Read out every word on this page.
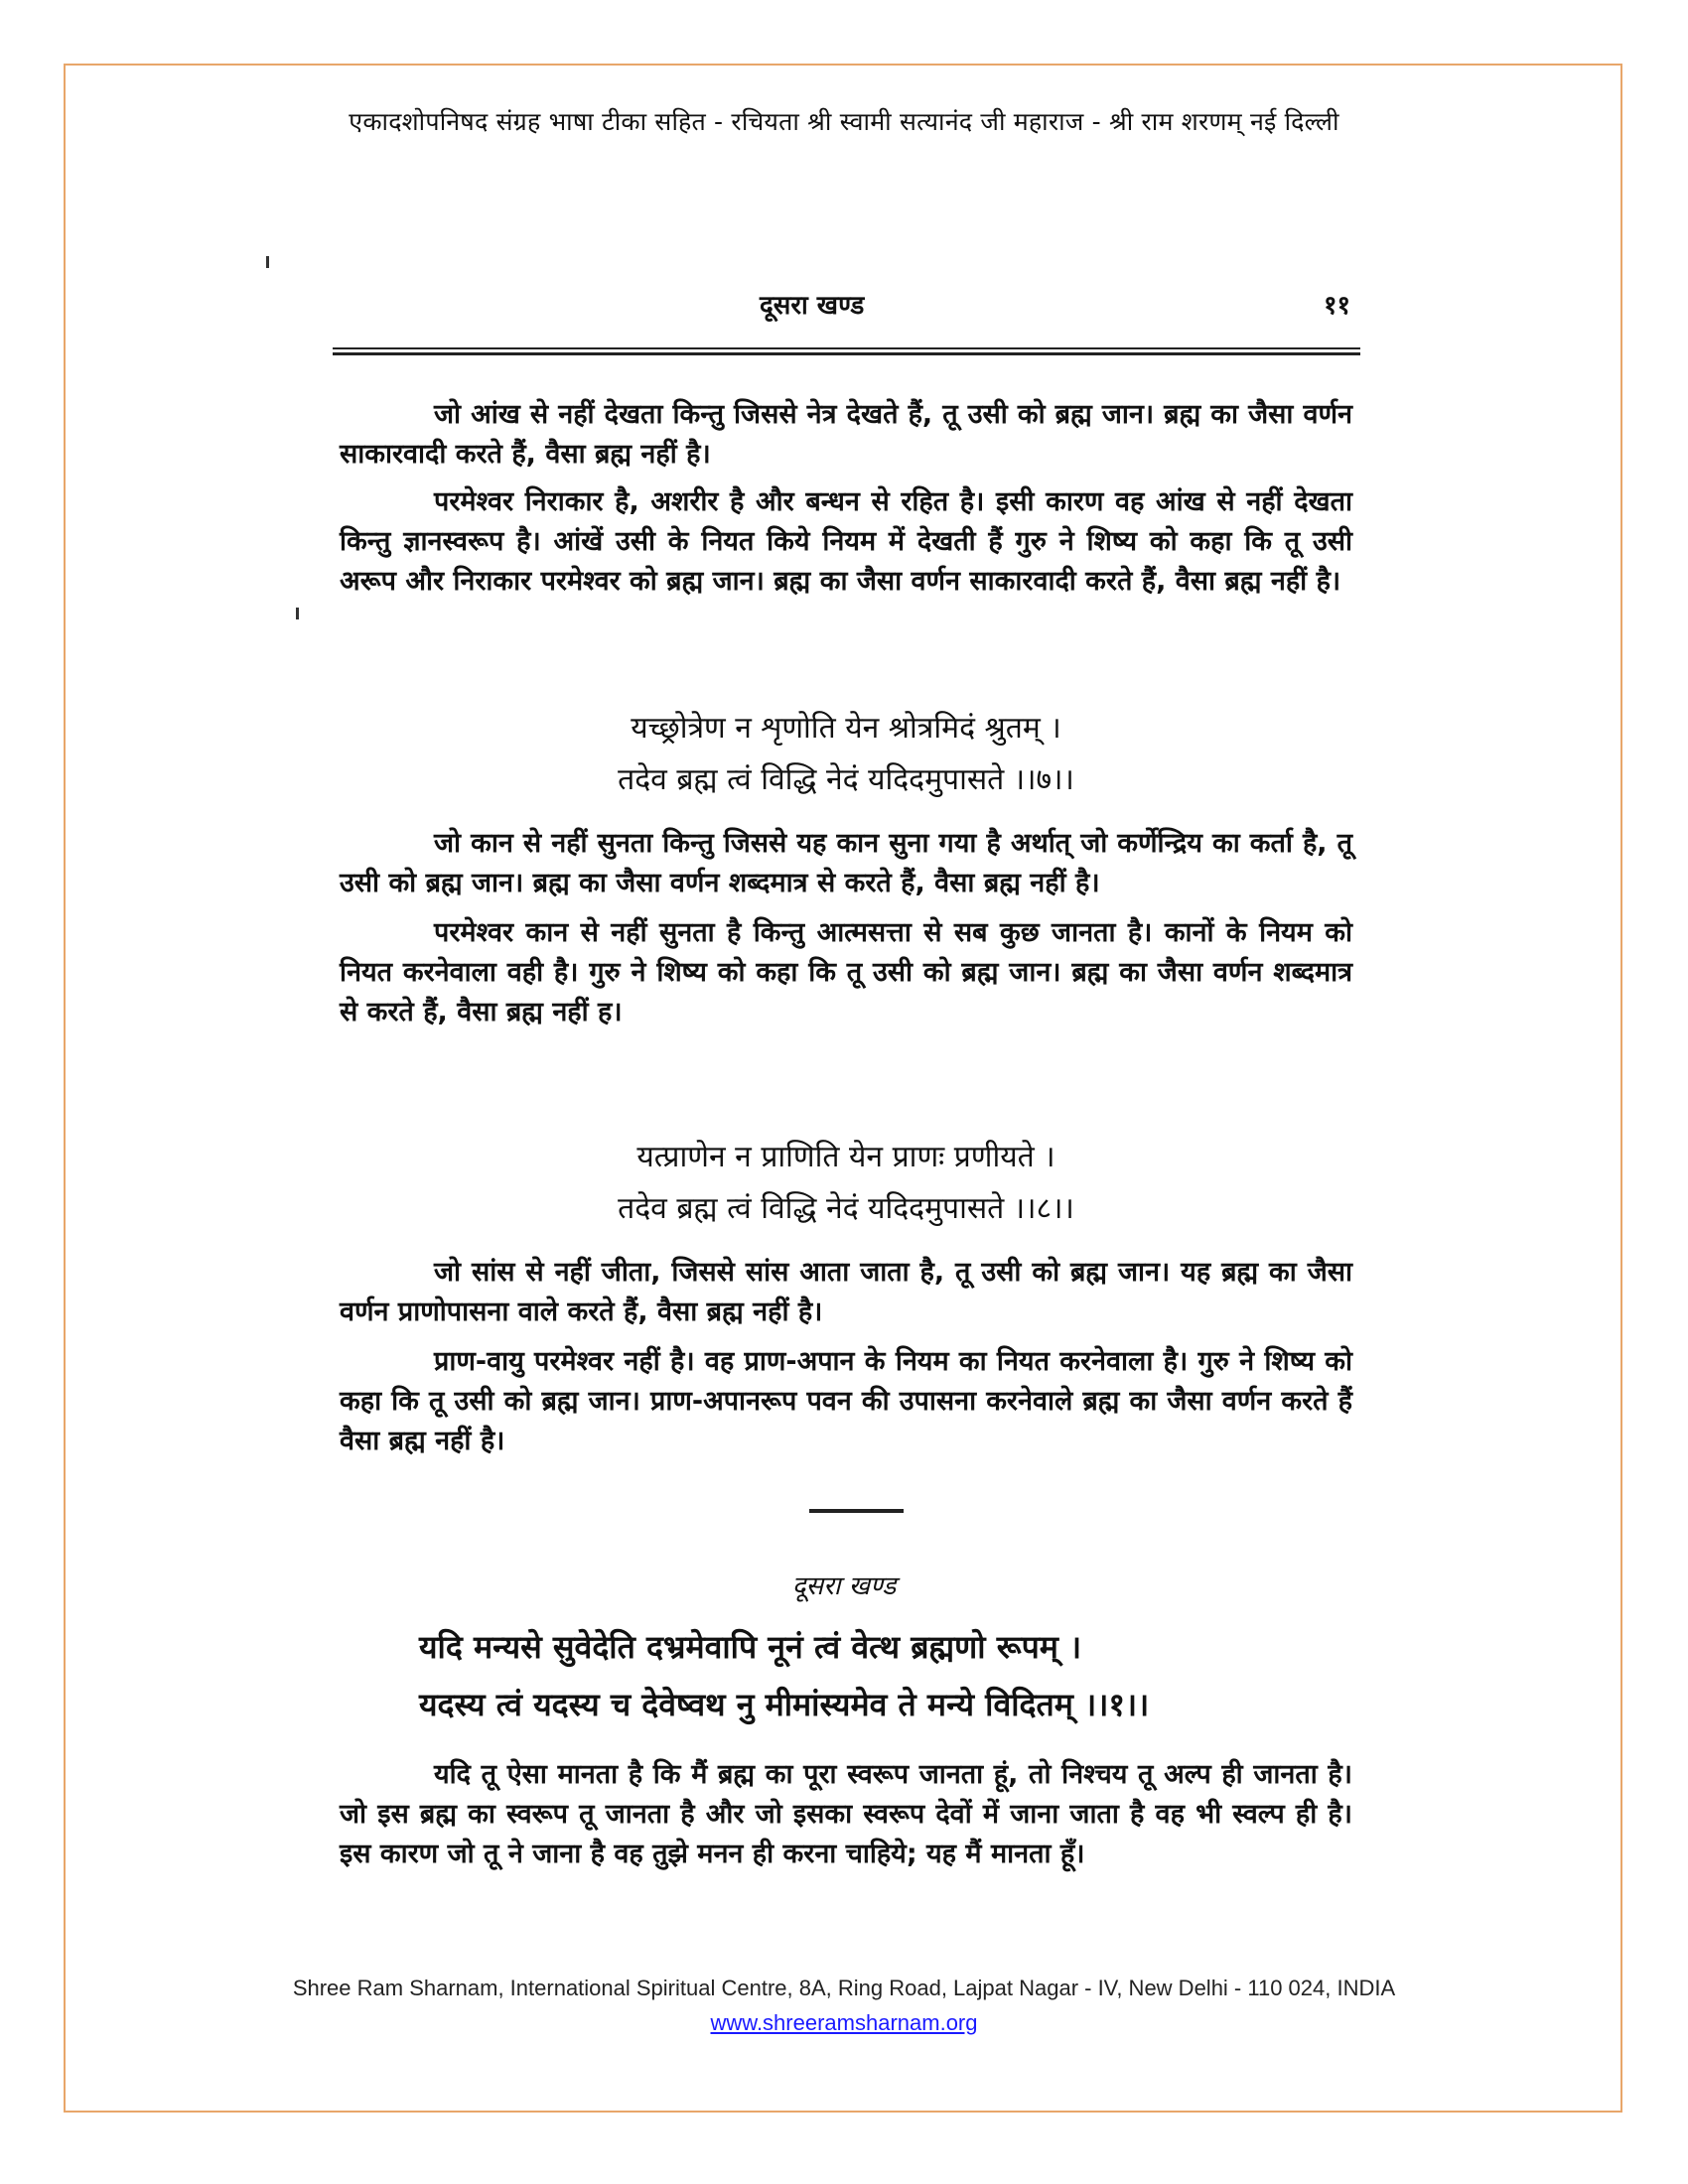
एकादशोपनिषद संग्रह भाषा टीका सहित - रचियता श्री स्वामी सत्यानंद जी महाराज - श्री राम शरणम् नई दिल्ली
दूसरा खण्ड	११

जो आंख से नहीं देखता किन्तु जिससे नेत्र देखते हैं, तू उसी को ब्रह्म जान। ब्रह्म का जैसा वर्णन साकारवादी करते हैं, वैसा ब्रह्म नहीं है।

परमेश्वर निराकार है, अशरीर है और बन्धन से रहित है। इसी कारण वह आंख से नहीं देखता किन्तु ज्ञानस्वरूप है। आंखें उसी के नियत किये नियम में देखती हैं गुरु ने शिष्य को कहा कि तू उसी अरूप और निराकार परमेश्वर को ब्रह्म जान। ब्रह्म का जैसा वर्णन साकारवादी करते हैं, वैसा ब्रह्म नहीं है।

यच्छ्रोत्रेण न शृणोति येन श्रोत्रमिदं श्रुतम् ।
तदेव ब्रह्म त्वं विद्धि नेदं यदिदमुपासते ।।७।।

जो कान से नहीं सुनता किन्तु जिससे यह कान सुना गया है अर्थात् जो कर्णेन्द्रिय का कर्ता है, तू उसी को ब्रह्म जान। ब्रह्म का जैसा वर्णन शब्दमात्र से करते हैं, वैसा ब्रह्म नहीं है।

परमेश्वर कान से नहीं सुनता है किन्तु आत्मसत्ता से सब कुछ जानता है। कानों के नियम को नियत करनेवाला वही है। गुरु ने शिष्य को कहा कि तू उसी को ब्रह्म जान। ब्रह्म का जैसा वर्णन शब्दमात्र से करते हैं, वैसा ब्रह्म नहीं ह।

यत्प्राणेन न प्राणिति येन प्राणः प्रणीयते ।
तदेव ब्रह्म त्वं विद्धि नेदं यदिदमुपासते ।।८।।

जो सांस से नहीं जीता, जिससे सांस आता जाता है, तू उसी को ब्रह्म जान। यह ब्रह्म का जैसा वर्णन प्राणोपासना वाले करते हैं, वैसा ब्रह्म नहीं है।

प्राण-वायु परमेश्वर नहीं है। वह प्राण-अपान के नियम का नियत करनेवाला है। गुरु ने शिष्य को कहा कि तू उसी को ब्रह्म जान। प्राण-अपानरूप पवन की उपासना करनेवाले ब्रह्म का जैसा वर्णन करते हैं वैसा ब्रह्म नहीं है।

दूसरा खण्ड
यदि मन्यसे सुवेदेति दभ्रमेवापि नूनं त्वं वेत्थ ब्रह्मणो रूपम् ।
यदस्य त्वं यदस्य च देवेष्वथ नु मीमांस्यमेव ते मन्ये विदितम् ।।१।।

यदि तू ऐसा मानता है कि मैं ब्रह्म का पूरा स्वरूप जानता हूं, तो निश्चय तू अल्प ही जानता है। जो इस ब्रह्म का स्वरूप तू जानता है और जो इसका स्वरूप देवों में जाना जाता है वह भी स्वल्प ही है। इस कारण जो तू ने जाना है वह तुझे मनन ही करना चाहिये; यह मैं मानता हूँ।

Shree Ram Sharnam, International Spiritual Centre, 8A, Ring Road, Lajpat Nagar - IV, New Delhi - 110 024, INDIA
www.shreeramsharnam.org
